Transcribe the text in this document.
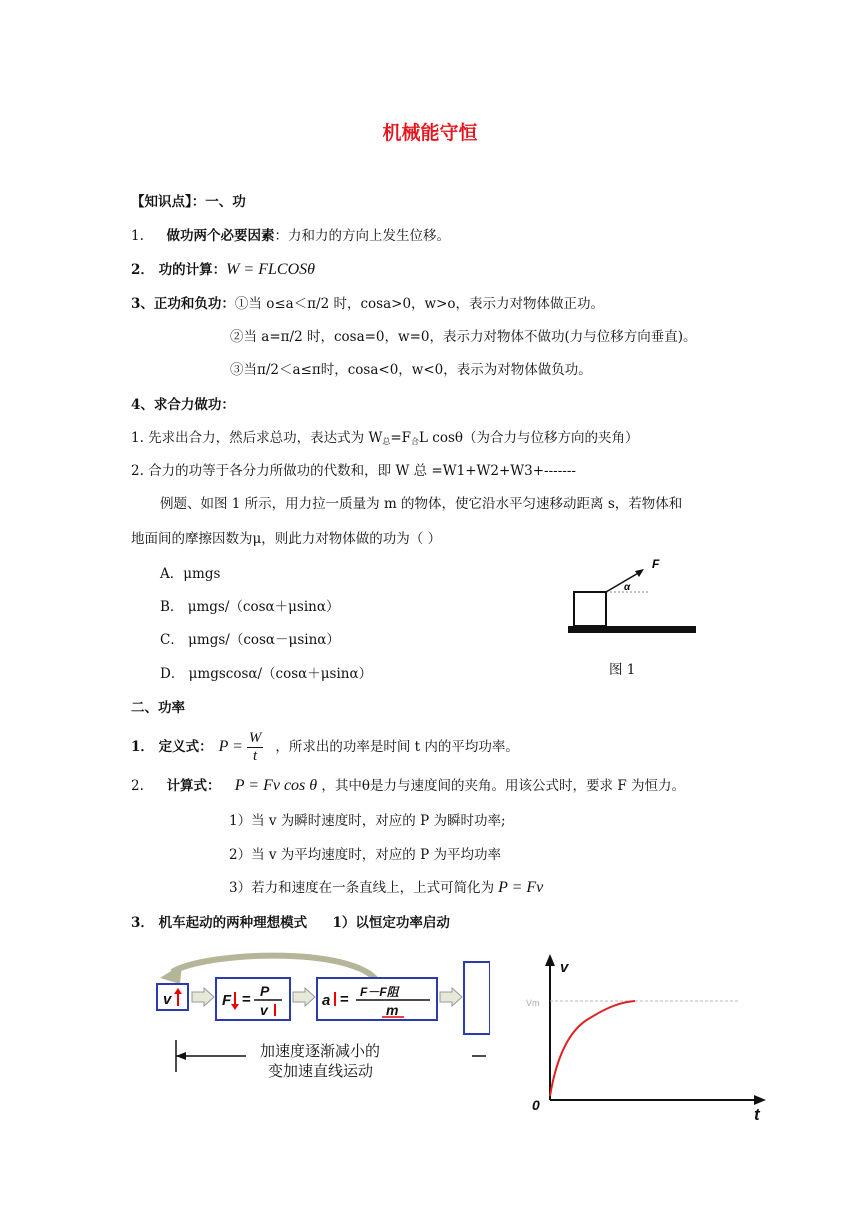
机械能守恒
【知识点】：一、功
1. 做功两个必要因素：力和力的方向上发生位移。
2． 功的计算：W = FLCOSθ
3、正功和负功：①当 o≤a＜π/2 时，cosa>0，w>o，表示力对物体做正功。
②当 a=π/2 时，cosa=0，w=0，表示力对物体不做功(力与位移方向垂直)。
③当π/2＜a≤π时，cosa<0，w<0，表示为对物体做负功。
4、求合力做功：
1. 先求出合力，然后求总功，表达式为 $W_总=F_合L$ cosθ（为合力与位移方向的夹角）
2. 合力的功等于各分力所做功的代数和，即 W 总 =W1+W2+W3+-------
例题、如图 1 所示，用力拉一质量为 m 的物体，使它沿水平匀速移动距离 s，若物体和
地面间的摩擦因数为μ，则此力对物体做的功为（ ）
A．μmgs
B． μmgs/（cosα＋μsinα）
C． μmgs/（cosα－μsinα）
D． μmgscosα/（cosα＋μsinα）
F
α
图 1
二、功率
1． 定义式： $P = \frac{W}{t}$ ，所求出的功率是时间 t 内的平均功率。
2. 计算式： P = Fv cos θ ，其中θ是力与速度间的夹角。用该公式时，要求 F 为恒力。
1）当 v 为瞬时速度时，对应的 P 为瞬时功率;
2）当 v 为平均速度时，对应的 P 为平均功率
3）若力和速度在一条直线上，上式可简化为 P = Fv
3． 机车起动的两种理想模式 1）以恒定功率启动
v	F = P
v
a = F－F阻
m
加速度逐渐减小的
变加速直线运动
v
t
0
Vm
